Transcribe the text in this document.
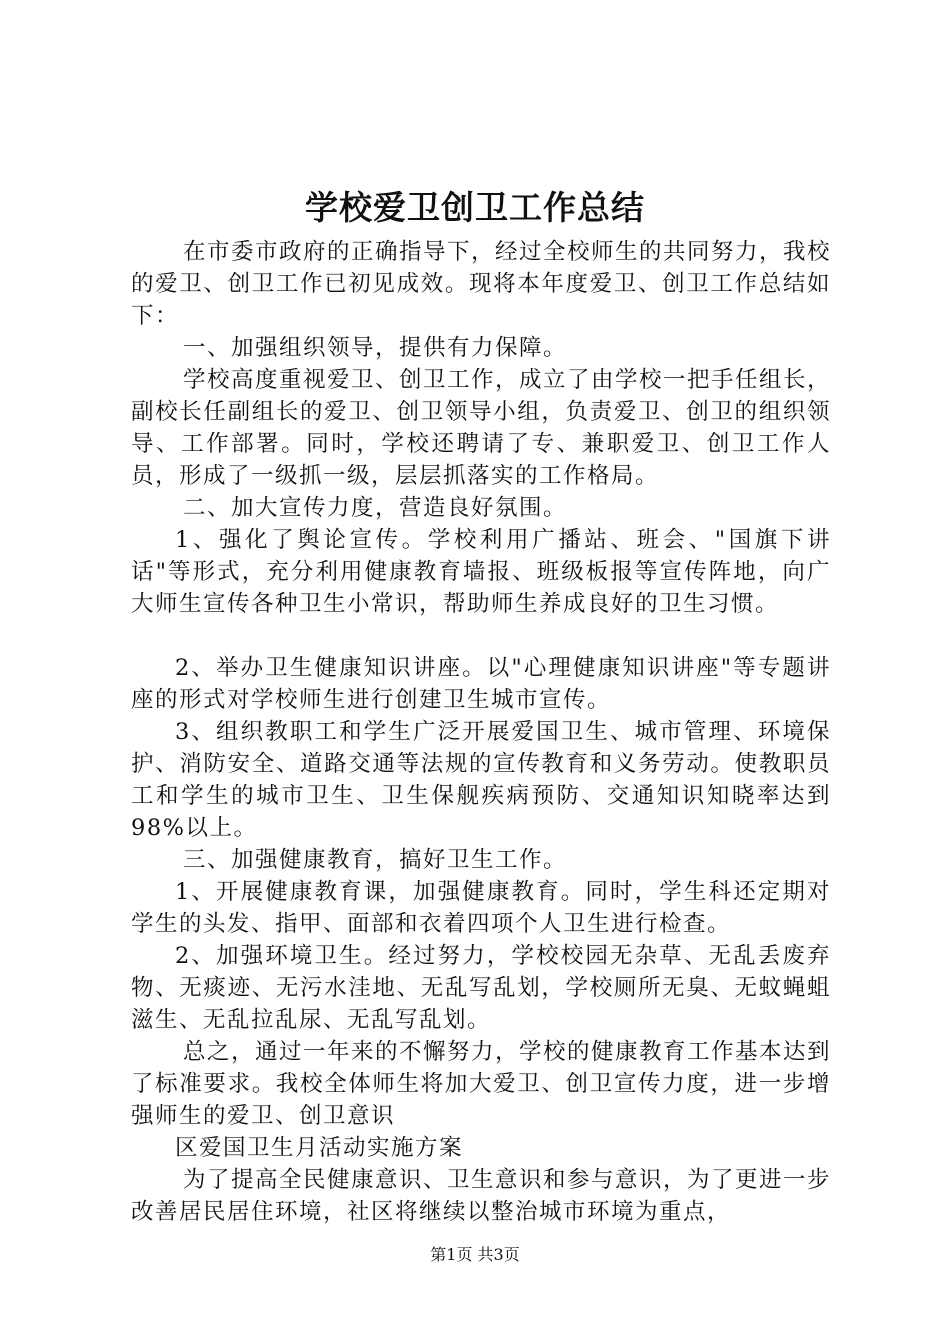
学校爱卫创卫工作总结

在市委市政府的正确指导下，经过全校师生的共同努力，我校的爱卫、创卫工作已初见成效。现将本年度爱卫、创卫工作总结如下：

一、加强组织领导，提供有力保障。

学校高度重视爱卫、创卫工作，成立了由学校一把手任组长，副校长任副组长的爱卫、创卫领导小组，负责爱卫、创卫的组织领导、工作部署。同时，学校还聘请了专、兼职爱卫、创卫工作人员，形成了一级抓一级，层层抓落实的工作格局。

二、加大宣传力度，营造良好氛围。

1、强化了舆论宣传。学校利用广播站、班会、"国旗下讲话"等形式，充分利用健康教育墙报、班级板报等宣传阵地，向广大师生宣传各种卫生小常识，帮助师生养成良好的卫生习惯。

2、举办卫生健康知识讲座。以"心理健康知识讲座"等专题讲座的形式对学校师生进行创建卫生城市宣传。

3、组织教职工和学生广泛开展爱国卫生、城市管理、环境保护、消防安全、道路交通等法规的宣传教育和义务劳动。使教职员工和学生的城市卫生、卫生保舰疾病预防、交通知识知晓率达到98%以上。

三、加强健康教育，搞好卫生工作。

1、开展健康教育课，加强健康教育。同时，学生科还定期对学生的头发、指甲、面部和衣着四项个人卫生进行检查。

2、加强环境卫生。经过努力，学校校园无杂草、无乱丢废弃物、无痰迹、无污水洼地、无乱写乱划，学校厕所无臭、无蚊蝇蛆滋生、无乱拉乱尿、无乱写乱划。

总之，通过一年来的不懈努力，学校的健康教育工作基本达到了标准要求。我校全体师生将加大爱卫、创卫宣传力度，进一步增强师生的爱卫、创卫意识

区爱国卫生月活动实施方案

为了提高全民健康意识、卫生意识和参与意识，为了更进一步改善居民居住环境，社区将继续以整治城市环境为重点，

第1页 共3页
